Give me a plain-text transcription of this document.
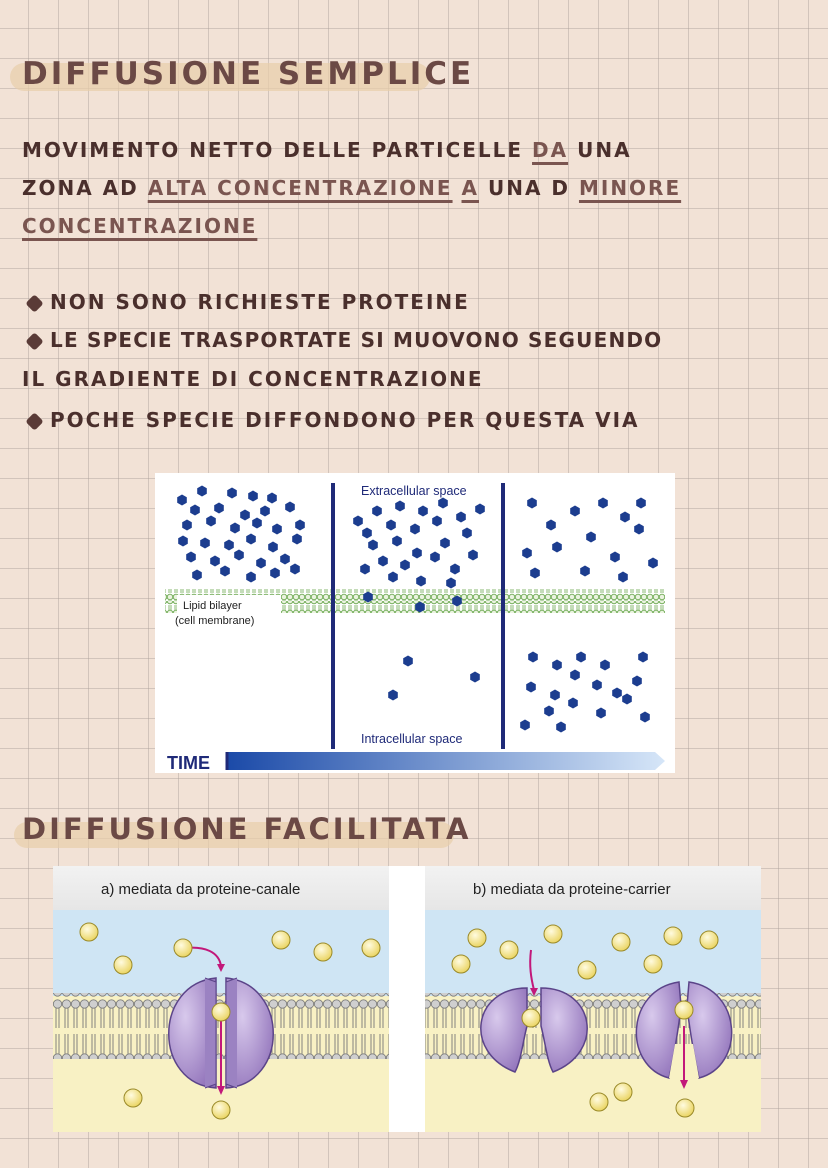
DIFFUSIONE SEMPLICE
MOVIMENTO NETTO DELLE PARTICELLE DA UNA
ZONA AD ALTA CONCENTRAZIONE A UNA D MINORE
CONCENTRAZIONE
NON SONO RICHIESTE PROTEINE
LE SPECIE TRASPORTATE SI MUOVONO SEGUENDO
IL GRADIENTE DI CONCENTRAZIONE
POCHE SPECIE DIFFONDONO PER QUESTA VIA
Lipid bilayer
(cell membrane)
Extracellular space
Intracellular space
TIME
DIFFUSIONE FACILITATA
a) mediata da proteine-canale	b) mediata da proteine-carrier
